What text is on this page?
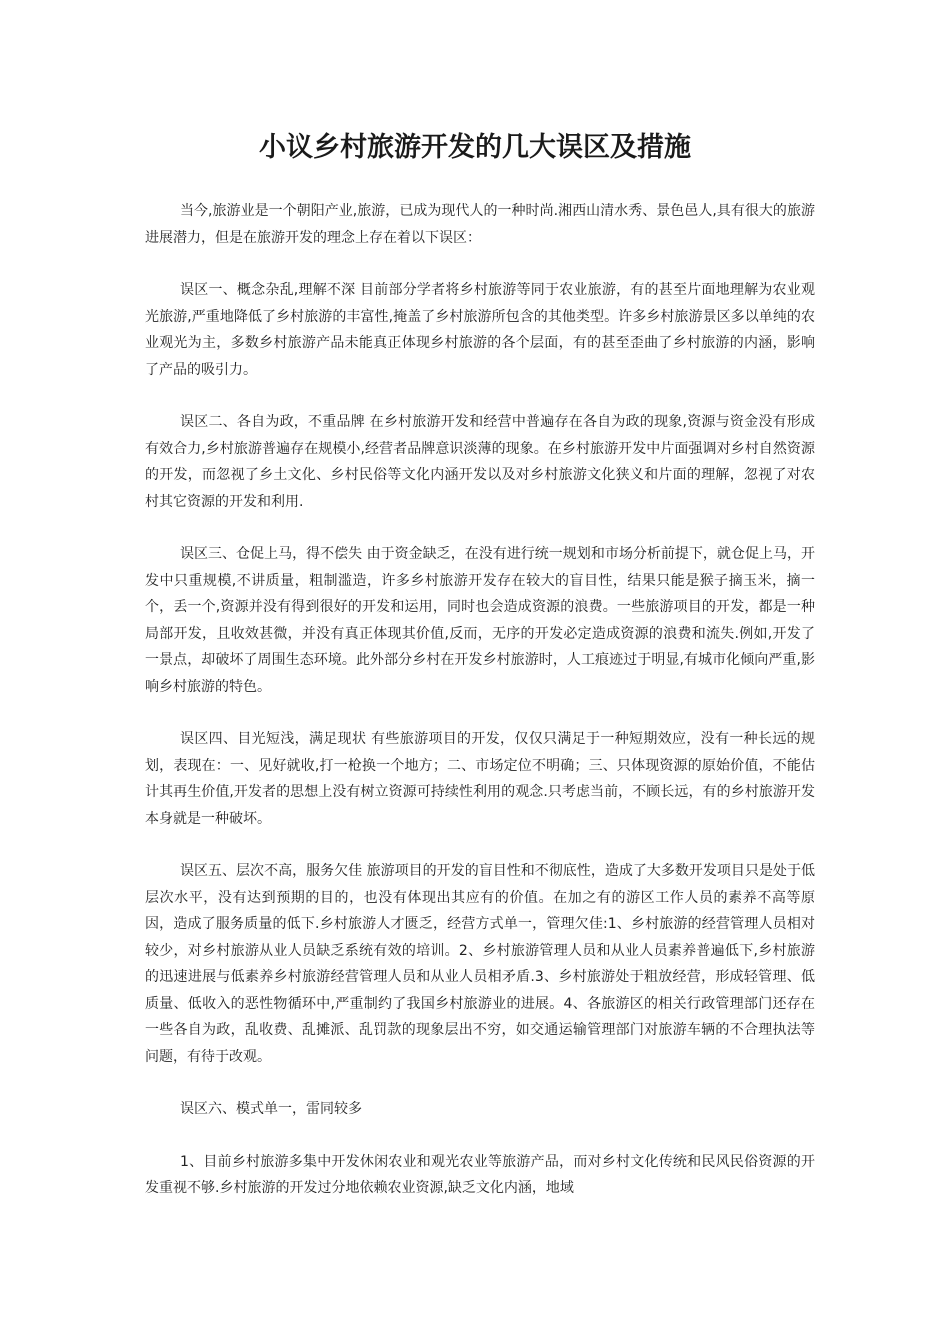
小议乡村旅游开发的几大误区及措施

当今,旅游业是一个朝阳产业,旅游，已成为现代人的一种时尚.湘西山清水秀、景色邑人,具有很大的旅游进展潜力，但是在旅游开发的理念上存在着以下误区：

误区一、概念杂乱,理解不深 目前部分学者将乡村旅游等同于农业旅游，有的甚至片面地理解为农业观光旅游,严重地降低了乡村旅游的丰富性,掩盖了乡村旅游所包含的其他类型。许多乡村旅游景区多以单纯的农业观光为主，多数乡村旅游产品未能真正体现乡村旅游的各个层面，有的甚至歪曲了乡村旅游的内涵，影响了产品的吸引力。

误区二、各自为政，不重品牌 在乡村旅游开发和经营中普遍存在各自为政的现象,资源与资金没有形成有效合力,乡村旅游普遍存在规模小,经营者品牌意识淡薄的现象。在乡村旅游开发中片面强调对乡村自然资源的开发，而忽视了乡土文化、乡村民俗等文化内涵开发以及对乡村旅游文化狭义和片面的理解，忽视了对农村其它资源的开发和利用.

误区三、仓促上马，得不偿失 由于资金缺乏，在没有进行统一规划和市场分析前提下，就仓促上马，开发中只重规模,不讲质量，粗制滥造，许多乡村旅游开发存在较大的盲目性，结果只能是猴子摘玉米，摘一个，丢一个,资源并没有得到很好的开发和运用，同时也会造成资源的浪费。一些旅游项目的开发，都是一种局部开发，且收效甚微，并没有真正体现其价值,反而，无序的开发必定造成资源的浪费和流失.例如,开发了一景点，却破坏了周围生态环境。此外部分乡村在开发乡村旅游时，人工痕迹过于明显,有城市化倾向严重,影响乡村旅游的特色。

误区四、目光短浅，满足现状 有些旅游项目的开发，仅仅只满足于一种短期效应，没有一种长远的规划，表现在：一、见好就收,打一枪换一个地方；二、市场定位不明确；三、只体现资源的原始价值，不能估计其再生价值,开发者的思想上没有树立资源可持续性利用的观念.只考虑当前，不顾长远，有的乡村旅游开发本身就是一种破坏。

误区五、层次不高，服务欠佳 旅游项目的开发的盲目性和不彻底性，造成了大多数开发项目只是处于低层次水平，没有达到预期的目的，也没有体现出其应有的价值。在加之有的游区工作人员的素养不高等原因，造成了服务质量的低下.乡村旅游人才匮乏，经营方式单一，管理欠佳:1、乡村旅游的经营管理人员相对较少，对乡村旅游从业人员缺乏系统有效的培训。2、乡村旅游管理人员和从业人员素养普遍低下,乡村旅游的迅速进展与低素养乡村旅游经营管理人员和从业人员相矛盾.3、乡村旅游处于粗放经营，形成轻管理、低质量、低收入的恶性物循环中,严重制约了我国乡村旅游业的进展。4、各旅游区的相关行政管理部门还存在一些各自为政，乱收费、乱摊派、乱罚款的现象层出不穷，如交通运输管理部门对旅游车辆的不合理执法等问题，有待于改观。

误区六、模式单一，雷同较多

1、目前乡村旅游多集中开发休闲农业和观光农业等旅游产品，而对乡村文化传统和民风民俗资源的开发重视不够.乡村旅游的开发过分地依赖农业资源,缺乏文化内涵，地域
